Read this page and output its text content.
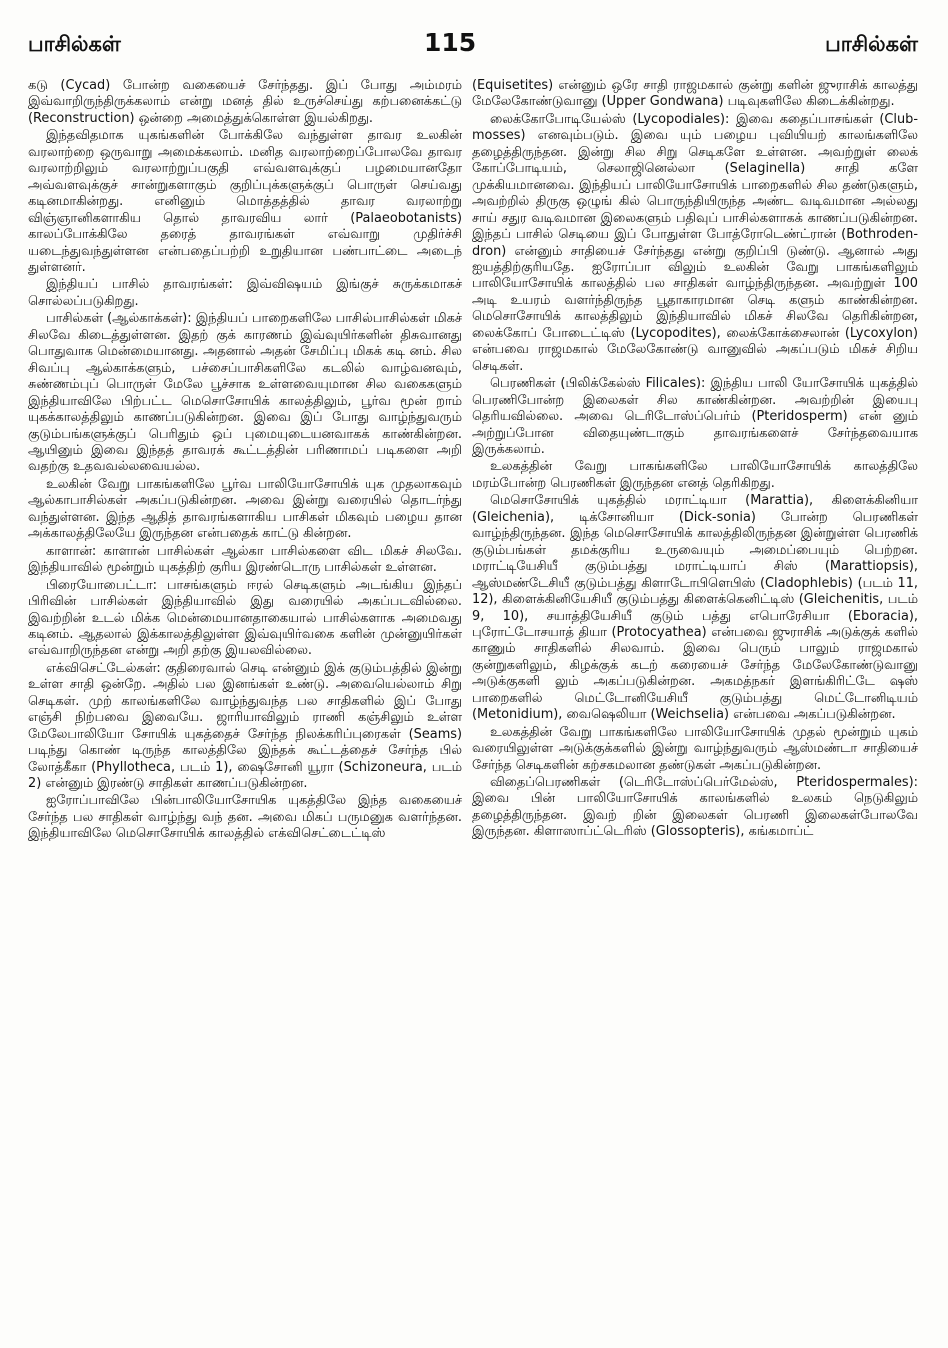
பாசில்கள்	115	பாசில்கள்

கடு (Cycad) போன்ற வகையைச் சேர்ந்தது. இப் போது அம்மரம் இவ்வாறிருந்திருக்கலாம் என்று மனத் தில் உருச்செய்து கற்பனைக்கட்டு (Reconstruction) ஒன்றை அமைத்துக்கொள்ள இயல்கிறது.

இந்தவிதமாக யுகங்களின் போக்கிலே வந்துள்ள தாவர உலகின் வரலாற்றை ஒருவாறு அமைக்கலாம். மனித வரலாற்றைப்போலவே தாவர வரலாற்றிலும் வரலாற்றுப்பகுதி எவ்வளவுக்குப் பழமையானதோ அவ்வளவுக்குச் சான்றுகளாகும் குறிப்புக்களுக்குப் பொருள் செய்வது கடினமாகின்றது. எனினும் மொத்தத்தில் தாவர வரலாற்று விஞ்ஞானிகளாகிய தொல் தாவரவிய லார் (Palaeobotanists) காலப்போக்கிலே தரைத் தாவரங்கள் எவ்வாறு முதிர்ச்சி யடைந்துவந்துள்ளன என்பதைப்பற்றி உறுதியான பண்பாட்டை அடைந் துள்ளனர்.

இந்தியப் பாசில் தாவரங்கள்: இவ்விஷயம் இங்குச் சுருக்கமாகச் சொல்லப்படுகிறது.

பாசில்கள் (ஆல்காக்கள்): இந்தியப் பாறைகளிலே பாசில்பாசில்கள் மிகச் சிலவே கிடைத்துள்ளன. இதற் குக் காரணம் இவ்வுயிர்களின் திசுவானது பொதுவாக மென்மையானது. அதனால் அதன் சேமிப்பு மிகக் கடி னம். சில சிவப்பு ஆல்காக்களும், பச்சைப்பாசிகளிலே கடலில் வாழ்வனவும், சுண்ணம்புப் பொருள் மேலே பூச்சாக உள்ளவையுமான சில வகைகளும் இந்தியாவிலே பிற்பட்ட மெசொசோயிக் காலத்திலும், பூர்வ மூன் றாம் யுகக்காலத்திலும் காணப்படுகின்றன. இவை இப் போது வாழ்ந்துவரும் குடும்பங்களுக்குப் பெரிதும் ஒப் புமையுடையனவாகக் காண்கின்றன. ஆயினும் இவை இந்தத் தாவரக் கூட்டத்தின் பரிணாமப் படிகளை அறி வதற்கு உதவவல்லவையல்ல.

உலகின் வேறு பாகங்களிலே பூர்வ பாலியோசோயிக் யுக முதலாகவும் ஆல்காபாசில்கள் அகப்படுகின்றன. அவை இன்று வரையில் தொடர்ந்து வந்துள்ளன. இந்த ஆதித் தாவரங்களாகிய பாசிகள் மிகவும் பழைய தான அக்காலத்திலேயே இருந்தன என்பதைக் காட்டு கின்றன.

காளான்: காளான் பாசில்கள் ஆல்கா பாசில்களை விட மிகச் சிலவே. இந்தியாவில் மூன்றும் யுகத்திற் குரிய இரண்டொரு பாசில்கள் உள்ளன.

பிரையோபைட்டா: பாசங்களும் ஈரல் செடிகளும் அடங்கிய இந்தப் பிரிவின் பாசில்கள் இந்தியாவில் இது வரையில் அகப்படவில்லை. இவற்றின் உடல் மிக்க மென்மையானதாகையால் பாசில்களாக அமைவது கடினம். ஆதலால் இக்காலத்திலுள்ள இவ்வுயிர்வகை களின் முன்னுயிர்கள் எவ்வாறிருந்தன என்று அறி தற்கு இயலவில்லை.

எக்விசெட்டேல்கள்: குதிரைவால் செடி என்னும் இக் குடும்பத்தில் இன்று உள்ள சாதி ஒன்றே. அதில் பல இனங்கள் உண்டு. அவையெல்லாம் சிறு செடிகள். முற் காலங்களிலே வாழ்ந்துவந்த பல சாதிகளில் இப் போது எஞ்சி நிற்பவை இவையே. ஜாரியாவிலும் ராணி கஞ்சிலும் உள்ள மேலேபாலியோ சோயிக் யுகத்தைச் சேர்ந்த நிலக்கரிப்புரைகள் (Seams) படிந்து கொண் டிருந்த காலத்திலே இந்தக் கூட்டத்தைச் சேர்ந்த பில் லோத்கீகா (Phyllotheca, படம் 1), ஷைசோனி யூரா (Schizoneura, படம் 2) என்னும் இரண்டு சாதிகள் காணப்படுகின்றன.

ஐரோப்பாவிலே பின்பாலியோசோயிக யுகத்திலே இந்த வகையைச் சேர்ந்த பல சாதிகள் வாழ்ந்து வந் தன. அவை மிகப் பருமனுக வளர்ந்தன. இந்தியாவிலே மெசொசோயிக் காலத்தில் எக்விசெட்டைட்டிஸ்

(Equisetites) என்னும் ஒரே சாதி ராஜமகால் குன்று களின் ஜுராசிக் காலத்து மேலேகோண்டுவானு (Upper Gondwana) படிவுகளிலே கிடைக்கின்றது.

லைக்கோபோடியேல்ஸ் (Lycopodiales): இவை கதைப்பாசங்கள் (Club-mosses) எனவும்படும். இவை யும் பழைய புவியியற் காலங்களிலே தழைத்திருந்தன. இன்று சில சிறு செடிகளே உள்ளன. அவற்றுள் லைக் கோப்போடியம், செலாஜினெல்லா (Selaginella) சாதி களே முக்கியமானவை. இந்தியப் பாலியோசோயிக் பாறைகளில் சில தண்டுகளும், அவற்றில் திருகு ஒழுங் கில் பொருந்தியிருந்த அண்ட வடிவமான அல்லது சாய் சதுர வடிவமான இலைகளும் பதிவுப் பாசில்களாகக் காணப்படுகின்றன. இந்தப் பாசில் செடியை இப் போதுள்ள போத்ரோடெண்ட்ரான் (Bothroden-dron) என்னும் சாதியைச் சேர்ந்தது என்று குறிப்பி டுண்டு. ஆனால் அது ஐயத்திற்குரியதே. ஐரோப்பா விலும் உலகின் வேறு பாகங்களிலும் பாலியோசோயிக் காலத்தில் பல சாதிகள் வாழ்ந்திருந்தன. அவற்றுள் 100 அடி உயரம் வளர்ந்திருந்த பூதாகாரமான செடி களும் காண்கின்றன. மெசொசோயிக் காலத்திலும் இந்தியாவில் மிகச் சிலவே தெரிகின்றன, லைக்கோப் போடைட்டிஸ் (Lycopodites), லைக்கோக்சைலான் (Lycoxylon) என்பவை ராஜமகால் மேலேகோண்டு வானுவில் அகப்படும் மிகச் சிறிய செடிகள்.

பெரணிகள் (பிலிக்கேல்ஸ் Filicales): இந்திய பாலி யோசோயிக் யுகத்தில் பெரணிபோன்ற இலைகள் சில காண்கின்றன. அவற்றின் இயைபு தெரியவில்லை. அவை டெரிடோஸ்ப்பெர்ம் (Pteridosperm) என் னும் அற்றுப்போன விதையுண்டாகும் தாவரங்களைச் சேர்ந்தவையாக இருக்கலாம்.

உலகத்தின் வேறு பாகங்களிலே பாலியோசோயிக் காலத்திலே மரம்போன்ற பெரணிகள் இருந்தன எனத் தெரிகிறது.

மெசொசோயிக் யுகத்தில் மராட்டியா (Marattia), கிளைக்கினியா (Gleichenia), டிக்சோனியா (Dick-sonia) போன்ற பெரணிகள் வாழ்ந்திருந்தன. இந்த மெசொசோயிக் காலத்திலிருந்தன இன்றுள்ள பெரணிக் குடும்பங்கள் தமக்குரிய உருவையும் அமைப்பையும் பெற்றன. மராட்டியேசியீ குடும்பத்து மராட்டியாப் சிஸ் (Marattiopsis), ஆஸ்மண்டேசியீ குடும்பத்து கிளாடோபிளெபிஸ் (Cladophlebis) (படம் 11, 12), கிளைக்கினியேசியீ குடும்பத்து கிளைக்கெனிட்டிஸ் (Gleichenitis, படம் 9, 10), சயாத்தியேசியீ குடும் பத்து எபொரேசியா (Eboracia), புரோட்டோசயாத் தியா (Protocyathea) என்பவை ஜுராசிக் அடுக்குக் களில் காணும் சாதிகளில் சிலவாம். இவை பெரும் பாலும் ராஜமகால் குன்றுகளிலும், கிழக்குக் கடற் கரையைச் சேர்ந்த மேலேகோண்டுவானு அடுக்குகளி லும் அகப்படுகின்றன. அகமத்நகர் இளங்கிரிட்டே ஷஸ் பாறைகளில் மெட்டோனியேசியீ குடும்பத்து மெட்டோனிடியம் (Metonidium), வைஷெலியா (Weichselia) என்பவை அகப்படுகின்றன.

உலகத்தின் வேறு பாகங்களிலே பாலியோசோயிக் முதல் மூன்றும் யுகம் வரையிலுள்ள அடுக்குக்களில் இன்று வாழ்ந்துவரும் ஆஸ்மண்டா சாதியைச் சேர்ந்த செடிகளின் கற்சகமலான தண்டுகள் அகப்படுகின்றன.

விதைப்பெரணிகள் (டெரிடோஸ்ப்பெர்மேல்ஸ், Pteridospermales): இவை பின் பாலியோசோயிக் காலங்களில் உலகம் நெடுகிலும் தழைத்திருந்தன. இவற் றின் இலைகள் பெரணி இலைகள்போலவே இருந்தன. கிளாஸாப்ட்டெரிஸ் (Glossopteris), கங்கமாப்ட்
